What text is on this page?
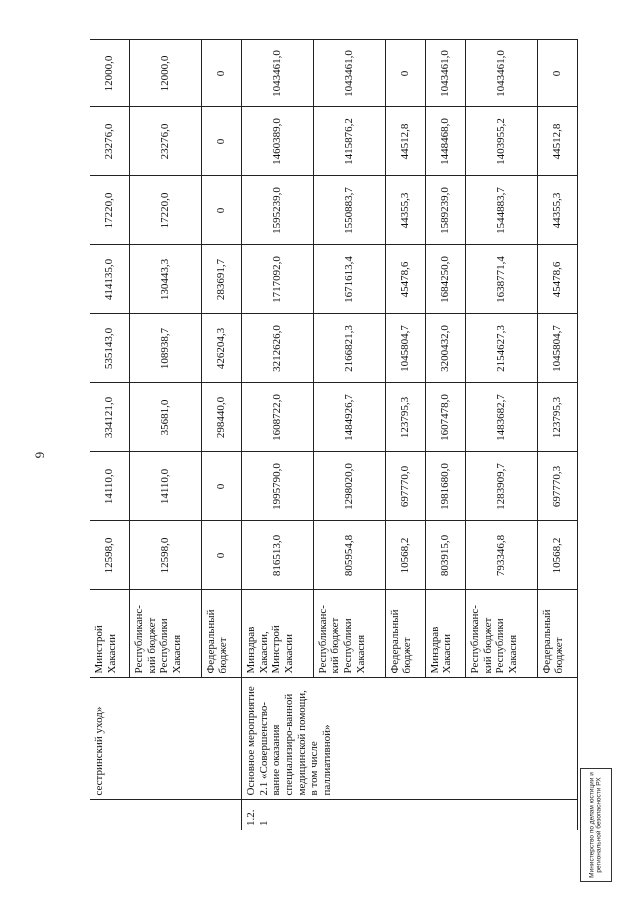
6
	сестринский уход»	Минстрой Хакасии	12598,0	14110,0	334121,0	535143,0	414135,0	17220,0	23276,0	12000,0
		Республиканс-кий бюджет Республики Хакасия	12598,0	14110,0	35681,0	108938,7	130443,3	17220,0	23276,0	12000,0
		Федеральный бюджет	0	0	298440,0	426204,3	283691,7	0	0	0
1.2.1	Основное мероприятие 2.1 «Совершенство-вание оказания специализиро-ванной медицинской помощи, в том числе паллиативной»	Минздрав Хакасии, Минстрой Хакасии	816513,0	1995790,0	1608722,0	3212626,0	1717092,0	1595239,0	1460389,0	1043461,0
		Республиканс-кий бюджет Республики Хакасия	805954,8	1298020,0	1484926,7	2166821,3	1671613,4	1550883,7	1415876,2	1043461,0
		Федеральный бюджет	10568,2	697770,0	123795,3	1045804,7	45478,6	44355,3	44512,8	0
		Минздрав Хакасии	803915,0	1981680,0	1607478,0	3200432,0	1684250,0	1589239,0	1448468,0	1043461,0
		Республиканс-кий бюджет Республики Хакасия	793346,8	1283909,7	1483682,7	2154627,3	1638771,4	1544883,7	1403955,2	1043461,0
		Федеральный бюджет	10568,2	697770,3	123795,3	1045804,7	45478,6	44355,3	44512,8	0
Министерство по делам юстиции и региональной безопасности РХ
